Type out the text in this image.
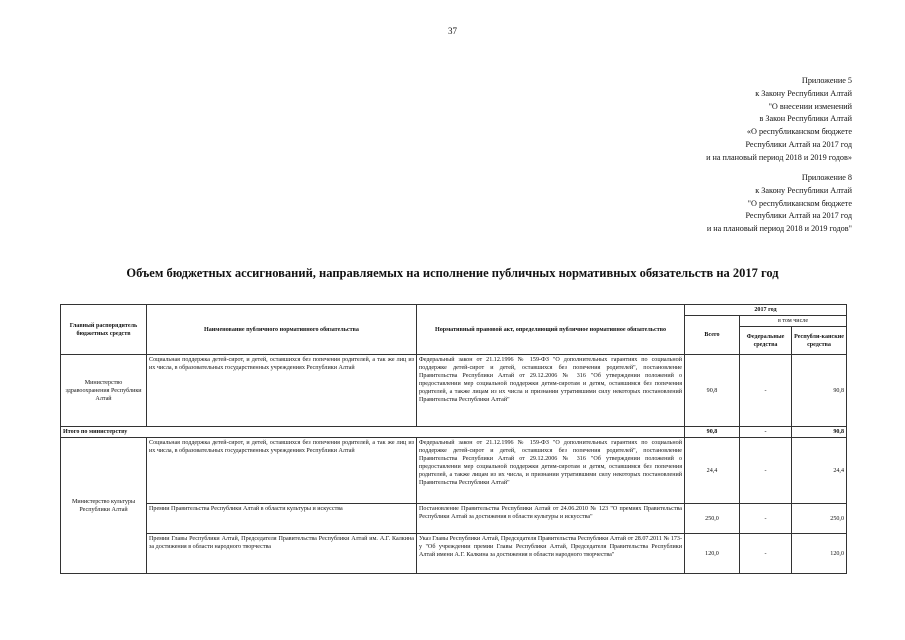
37
Приложение 5
к Закону Республики Алтай
"О внесении изменений
в Закон Республики Алтай
«О республиканском бюджете
Республики Алтай на 2017 год
и на плановый период 2018 и 2019 годов»
Приложение 8
к Закону Республики Алтай
"О республиканском бюджете
Республики Алтай на 2017 год
и на плановый период 2018 и 2019 годов"
Объем бюджетных ассигнований, направляемых на исполнение публичных нормативных обязательств на 2017 год
Главный распорядитель бюджетных средств	Наименование публичного нормативного обязательства	Нормативный правовой акт, определяющий публичное нормативное обязательство	2017 год		
			Всего	в том числе	
				Федеральные средства	Республи-канские средства
Министерство здравоохранения Республики Алтай	Социальная поддержка детей-сирот, и детей, оставшихся без попечения родителей, а так же лиц из их числа, в образовательных государственных учреждениях Республики Алтай	Федеральный закон от 21.12.1996 № 159-ФЗ "О дополнительных гарантиях по социальной поддержке детей-сирот и детей, оставшихся без попечения родителей", постановление Правительства Республики Алтай от 29.12.2006 № 316 "Об утверждении положений о предоставлении мер социальной поддержки детям-сиротам и детям, оставшимся без попечения родителей, а также лицам из их числа и признании утратившими силу некоторых постановлений Правительства Республики Алтай"	90,8	-	90,8
Итого по министерству			90,8	-	90,8
Министерство культуры Республики Алтай	Социальная поддержка детей-сирот, и детей, оставшихся без попечения родителей, а так же лиц из их числа, в образовательных государственных учреждениях Республики Алтай	Федеральный закон от 21.12.1996 № 159-ФЗ "О дополнительных гарантиях по социальной поддержке детей-сирот и детей, оставшихся без попечения родителей", постановление Правительства Республики Алтай от 29.12.2006 № 316 "Об утверждении положений о предоставлении мер социальной поддержки детям-сиротам и детям, оставшимся без попечения родителей, а также лицам из их числа, и признании утратившими силу некоторых постановлений Правительства Республики Алтай"	24,4	-	24,4
	Премии Правительства Республики Алтай в области культуры и искусства	Постановление Правительства Республики Алтай от 24.06.2010 № 123 "О премиях Правительства Республики Алтай за достижения в области культуры и искусства"	250,0	-	250,0
	Премии Главы Республики Алтай, Председателя Правительства Республики Алтай им. А.Г. Калкина за достижения в области народного творчества	Указ Главы Республики Алтай, Председателя Правительства Республики Алтай от 28.07.2011 № 173-у "Об учреждении премии Главы Республики Алтай, Председателя Правительства Республики Алтай имени А.Г. Калкина за достижения в области народного творчества"	120,0	-	120,0
